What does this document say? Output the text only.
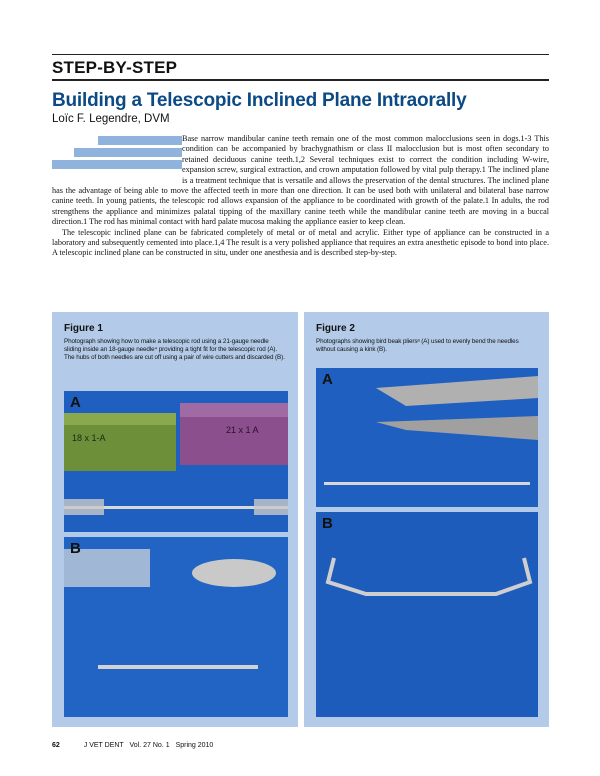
STEP-BY-STEP
Building a Telescopic Inclined Plane Intraorally
Loïc F. Legendre, DVM

Base narrow mandibular canine teeth remain one of the most common malocclusions seen in dogs.1-3 This condition can be accompanied by brachygnathism or class II malocclusion but is most often secondary to retained deciduous canine teeth.1,2 Several techniques exist to correct the condition including W-wire, expansion screw, surgical extraction, and crown amputation followed by vital pulp therapy.1 The inclined plane is a treatment technique that is versatile and allows the preservation of the dental structures. The inclined plane has the advantage of being able to move the affected teeth in more than one direction. It can be used both with unilateral and bilateral base narrow canine teeth. In young patients, the telescopic rod allows expansion of the appliance to be coordinated with growth of the palate.1 In adults, the rod strengthens the appliance and minimizes palatal tipping of the maxillary canine teeth while the mandibular canine teeth are moving in a buccal direction.1 The rod has minimal contact with hard palate mucosa making the appliance easier to keep clean.

The telescopic inclined plane can be fabricated completely of metal or of metal and acrylic. Either type of appliance can be constructed in a laboratory and subsequently cemented into place.1,4 The result is a very polished appliance that requires an extra anesthetic episode to bond into place. A telescopic inclined plane can be constructed in situ, under one anesthesia and is described step-by-step.

Figure 1
Photograph showing how to make a telescopic rod using a 21-gauge needle sliding inside an 18-gauge needle⁴ providing a tight fit for the telescopic rod (A). The hubs of both needles are cut off using a pair of wire cutters and discarded (B).
A
18 x 1-A
21 x 1 A
B
Figure 2
Photographs showing bird beak pliersᵃ (A) used to evenly bend the needles without causing a kink (B).
A
B
62	J VET DENT Vol. 27 No. 1 Spring 2010
